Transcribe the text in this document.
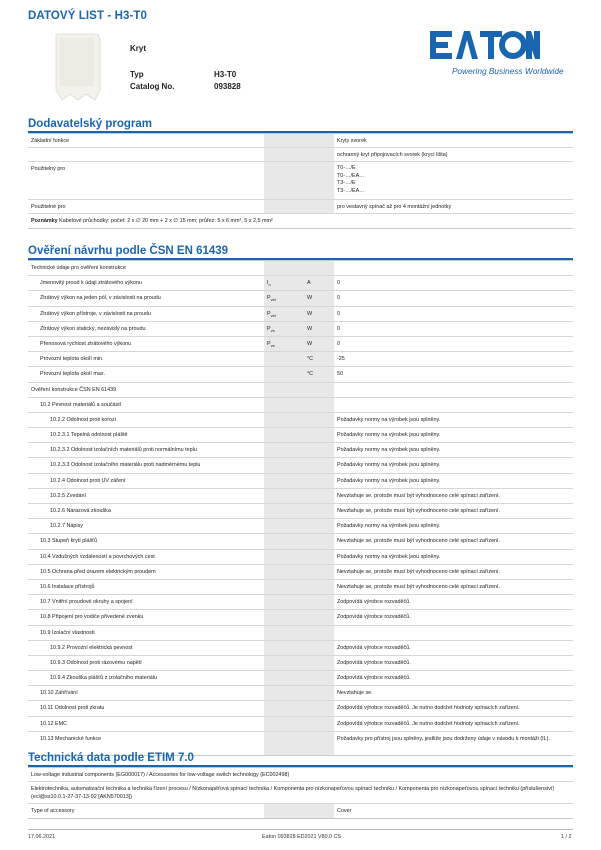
DATOVÝ LIST - H3-T0
Kryt
Typ	H3-T0
Catalog No.	093828
Powering Business Worldwide
Dodavatelský program
Základní funkce	Kryty svorek
ochranný kryt připojovacích svorek (krycí lišta)
Použitelný pro	T0-…/E
T0-…/EA…
T3-…/E
T3-…/EA…
Použitelné pro	pro vestavný spínač až pro 4 montážní jednotky
Poznámky Kabelové průchodky: počet: 2 x ∅ 20 mm + 2 x ∅ 15 mm; průřez: 5 x 6 mm², 5 x 2,5 mm²
Ověření návrhu podle ČSN EN 61439
Technické údaje pro ověření konstrukce
Jmenovitý proud k údaji ztrátového výkonu	$I_n$	A	0
Ztrátový výkon na jeden pól, v závislosti na proudu	$P_{vid}$	W	0
Ztrátový výkon přístroje, v závislosti na proudu	$P_{vid}$	W	0
Ztrátový výkon statický, nezávislý na proudu	$P_{vs}$	W	0
Přenosová rychlost ztrátového výkonu	$P_{ve}$	W	0
Provozní teplota okolí min.	°C	-25
Provozní teplota okolí max.	°C	50
Ověření konstrukce ČSN EN 61439
10.2 Pevnost materiálů a součástí
10.2.2 Odolnost proti korozi	Požadavky normy na výrobek jsou splněny.
10.2.3.1 Tepelná odolnost pláště	Požadavky normy na výrobek jsou splněny.
10.2.3.2 Odolnost izolačních materiálů proti normálnímu teplu	Požadavky normy na výrobek jsou splněny.
10.2.3.3 Odolnost izolačního materiálu proti nadměrnému teplu	Požadavky normy na výrobek jsou splněny.
10.2.4 Odolnost proti UV záření	Požadavky normy na výrobek jsou splněny.
10.2.5 Zvedání	Nevztahuje se, protože musí být vyhodnoceno celé spínací zařízení.
10.2.6 Nárazová zkouška	Nevztahuje se, protože musí být vyhodnoceno celé spínací zařízení.
10.2.7 Nápisy	Požadavky normy na výrobek jsou splněny.
10.3 Stupeň krytí plášťů	Nevztahuje se, protože musí být vyhodnoceno celé spínací zařízení.
10.4 Vzdušných vzdáleností a povrchových cest	Požadavky normy na výrobek jsou splněny.
10.5 Ochrana před úrazem elektrickým proudem	Nevztahuje se, protože musí být vyhodnoceno celé spínací zařízení.
10.6 Instalace přístrojů	Nevztahuje se, protože musí být vyhodnoceno celé spínací zařízení.
10.7 Vnitřní proudové okruhy a spojení	Zodpovídá výrobce rozvaděčů.
10.8 Připojení pro vodiče přivedené zvenku	Zodpovídá výrobce rozvaděčů.
10.9 Izolační vlastnosti
10.9.2 Provozní elektrická pevnost	Zodpovídá výrobce rozvaděčů.
10.9.3 Odolnost proti rázovému napětí	Zodpovídá výrobce rozvaděčů.
10.9.4 Zkouška plášťů z izolačního materiálu	Zodpovídá výrobce rozvaděčů.
10.10 Zahřívání	Nevztahuje se.
10.11 Odolnost proti zkratu	Zodpovídá výrobce rozvaděčů. Je nutno dodržet hodnoty spínacích zařízení.
10.12 EMC	Zodpovídá výrobce rozvaděčů. Je nutno dodržet hodnoty spínacích zařízení.
10.13 Mechanické funkce	Požadavky pro přístroj jsou splněny, jestliže jsou dodrženy údaje v návodu k montáži (IL).
Technická data podle ETIM 7.0
Low-voltage industrial components (EG000017) / Accessories for low-voltage switch technology (EC002498)
Elektrotechnika, automatizační technika a technika řízení procesu / Nízkonapěťová spínací technika / Komponenta pro nízkonapeťovou spínací techniku / Komponenta pro nízkonapeťovou spínací techniku (příslušenství) (ecl@ss10.0.1-27-37-13-92 [AKN570013])
Type of accessory	Cover
17.06.2021	Eaton 093828 ED2021 V80.0 CS	1 / 2
